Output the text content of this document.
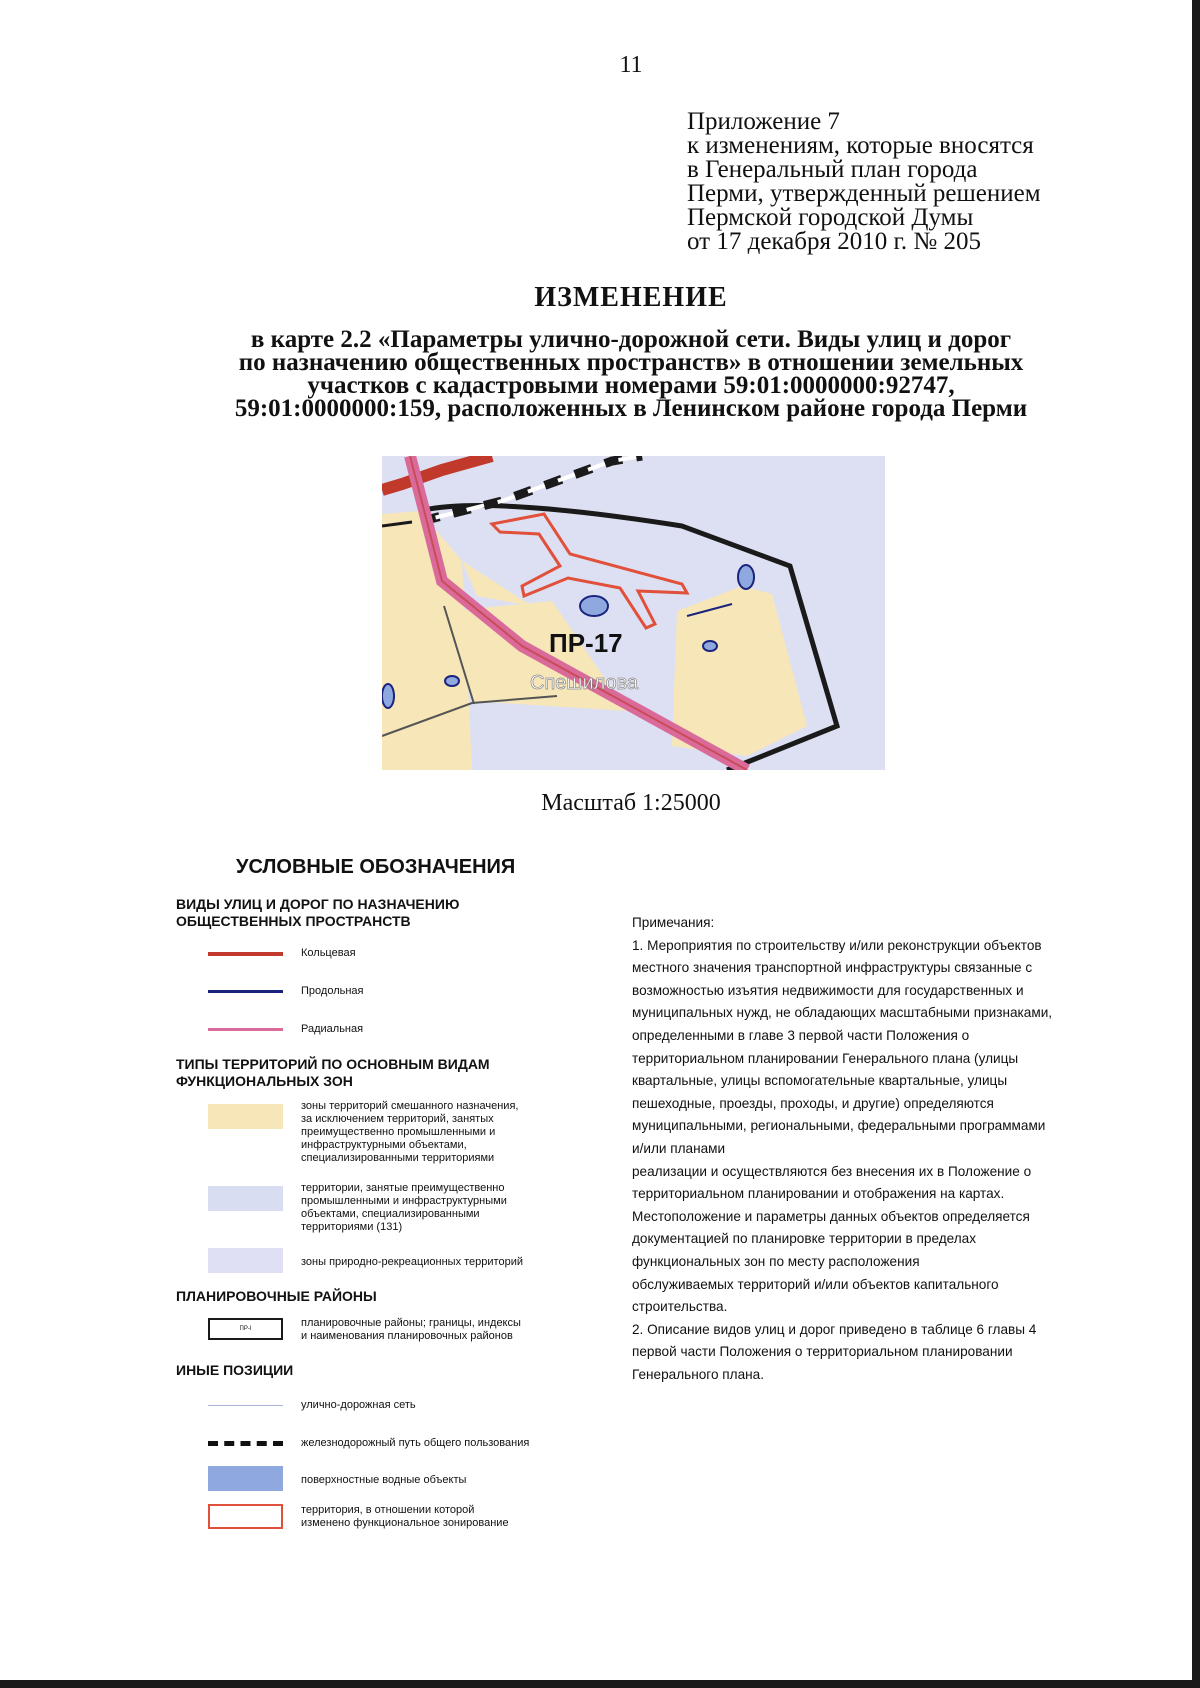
11
Приложение 7
к изменениям, которые вносятся
в Генеральный план города
Перми, утвержденный решением
Пермской городской Думы
от 17 декабря 2010 г. № 205
ИЗМЕНЕНИЕ
в карте 2.2 «Параметры улично-дорожной сети. Виды улиц и дорог
по назначению общественных пространств» в отношении земельных
участков с кадастровыми номерами 59:01:0000000:92747,
59:01:0000000:159, расположенных в Ленинском районе города Перми
ПР-17
Спешилова
Масштаб 1:25000
УСЛОВНЫЕ ОБОЗНАЧЕНИЯ
ВИДЫ УЛИЦ И ДОРОГ ПО НАЗНАЧЕНИЮ
ОБЩЕСТВЕННЫХ ПРОСТРАНСТВ
Кольцевая
Продольная
Радиальная
ТИПЫ ТЕРРИТОРИЙ ПО ОСНОВНЫМ ВИДАМ
ФУНКЦИОНАЛЬНЫХ ЗОН
зоны территорий смешанного назначения,
за исключением территорий, занятых
преимущественно промышленными и
инфраструктурными объектами,
специализированными территориями
территории, занятые преимущественно
промышленными и инфраструктурными
объектами, специализированными
территориями (131)
зоны природно-рекреационных территорий
ПЛАНИРОВОЧНЫЕ РАЙОНЫ
ПР-I	планировочные районы; границы, индексы
и наименования планировочных районов
ИНЫЕ ПОЗИЦИИ
улично-дорожная сеть
железнодорожный путь общего пользования
поверхностные водные объекты
территория, в отношении которой
изменено функциональное зонирование
Примечания:
1. Мероприятия по строительству и/или реконструкции объектов
местного значения транспортной инфраструктуры связанные с
возможностью изъятия недвижимости для государственных и
муниципальных нужд, не обладающих масштабными признаками,
определенными в главе 3 первой части Положения о
территориальном планировании Генерального плана (улицы
квартальные, улицы вспомогательные квартальные, улицы
пешеходные, проезды, проходы, и другие) определяются
муниципальными, региональными, федеральными программами
и/или планами
реализации и осуществляются без внесения их в Положение о
территориальном планировании и отображения на картах.
Местоположение и параметры данных объектов определяется
документацией по планировке территории в пределах
функциональных зон по месту расположения
обслуживаемых территорий и/или объектов капитального
строительства.
2. Описание видов улиц и дорог приведено в таблице 6 главы 4
первой части Положения о территориальном планировании
Генерального плана.
